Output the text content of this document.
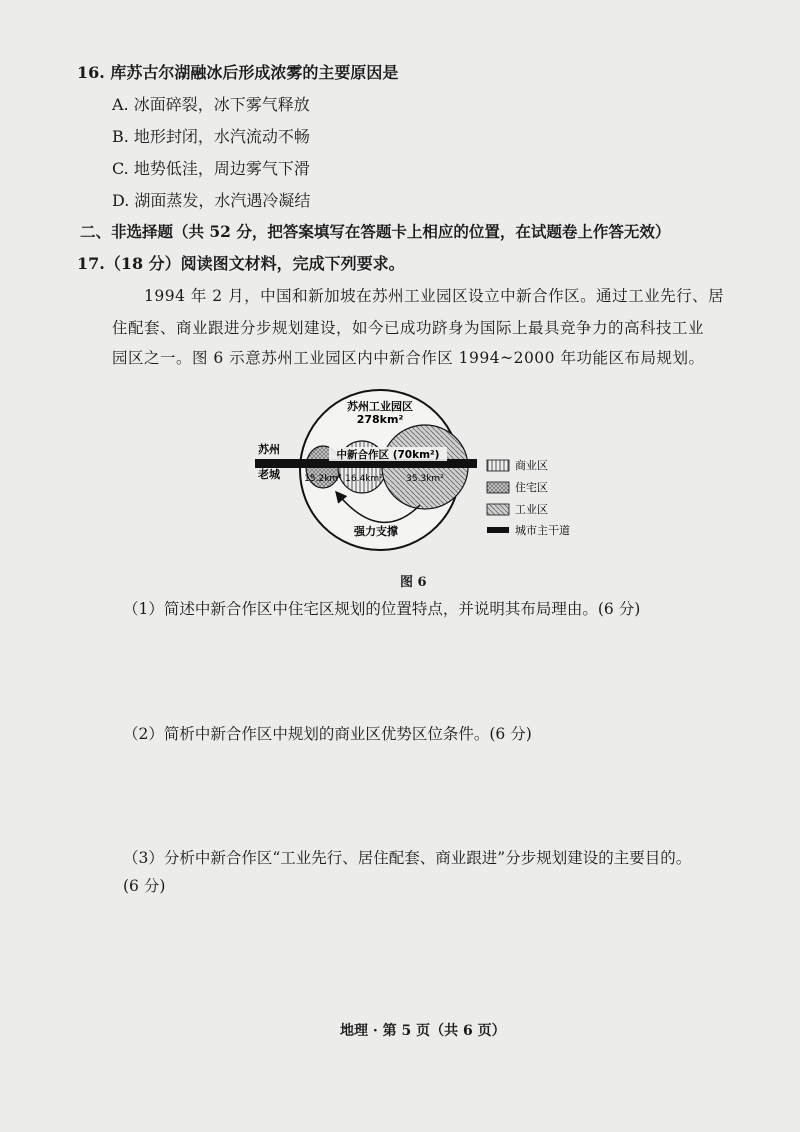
16. 库苏古尔湖融冰后形成浓雾的主要原因是
A. 冰面碎裂，冰下雾气释放
B. 地形封闭，水汽流动不畅
C. 地势低洼，周边雾气下滑
D. 湖面蒸发，水汽遇冷凝结
二、非选择题（共 52 分，把答案填写在答题卡上相应的位置，在试题卷上作答无效）
17.（18 分）阅读图文材料，完成下列要求。
1994 年 2 月，中国和新加坡在苏州工业园区设立中新合作区。通过工业先行、居
住配套、商业跟进分步规划建设，如今已成功跻身为国际上最具竞争力的高科技工业
园区之一。图 6 示意苏州工业园区内中新合作区 1994~2000 年功能区布局规划。
苏州工业园区
278km²
苏州
老城
中新合作区 (70km²)
15.2km² 16.4km²	35.3km²
强力支撑
商业区
住宅区
工业区
城市主干道
图 6
（1）简述中新合作区中住宅区规划的位置特点，并说明其布局理由。(6 分)
（2）简析中新合作区中规划的商业区优势区位条件。(6 分)
（3）分析中新合作区“工业先行、居住配套、商业跟进”分步规划建设的主要目的。
(6 分)
地理 · 第 5 页（共 6 页）
